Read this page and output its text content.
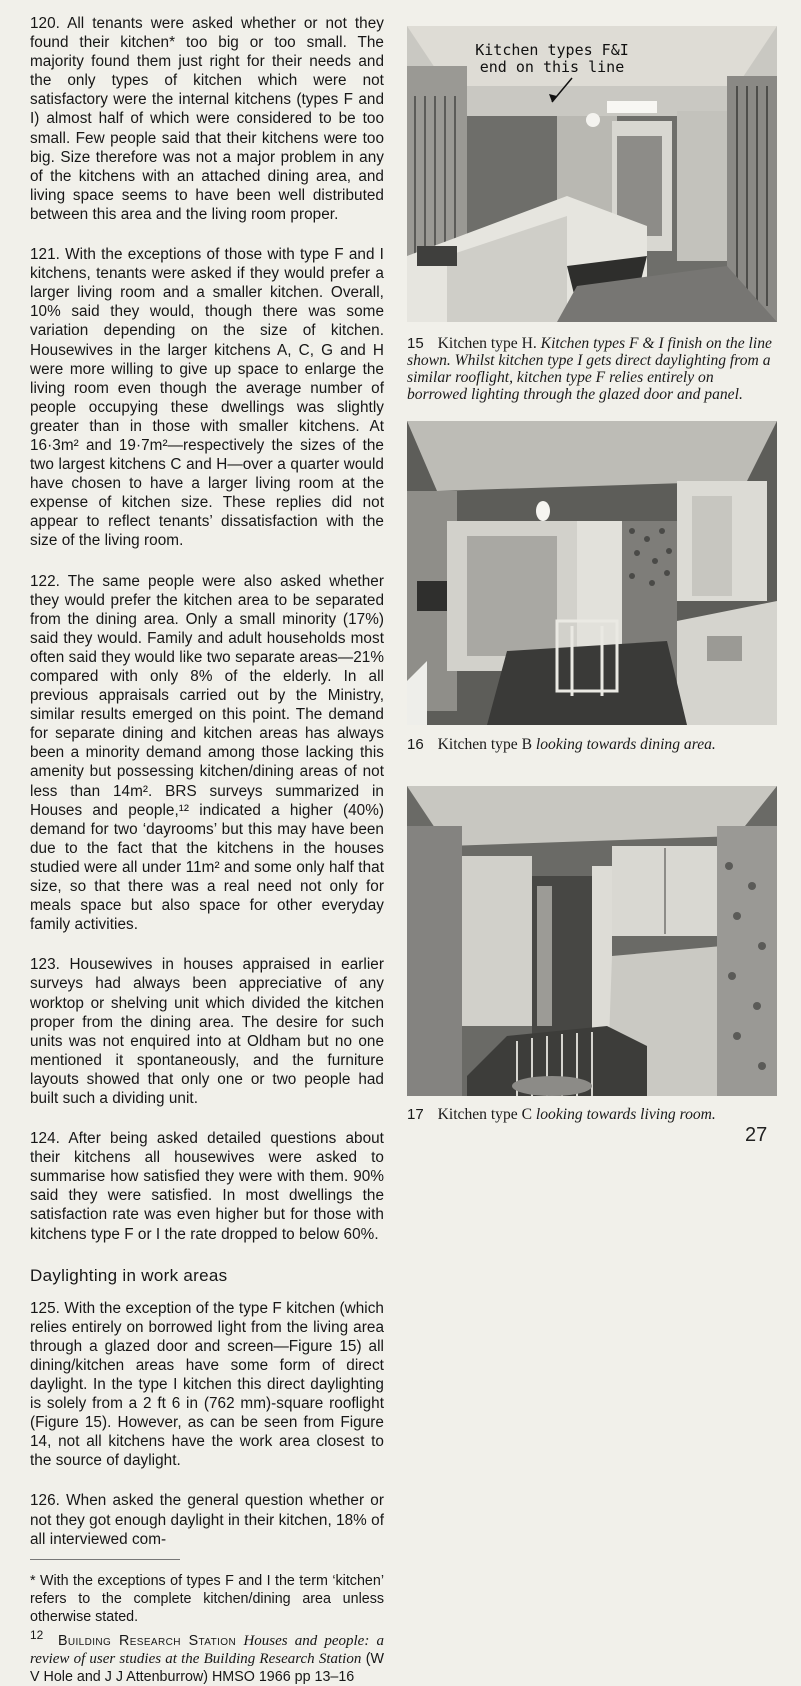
120. All tenants were asked whether or not they found their kitchen* too big or too small. The majority found them just right for their needs and the only types of kitchen which were not satisfactory were the internal kitchens (types F and I) almost half of which were considered to be too small. Few people said that their kitchens were too big. Size therefore was not a major problem in any of the kitchens with an attached dining area, and living space seems to have been well distributed between this area and the living room proper.

121. With the exceptions of those with type F and I kitchens, tenants were asked if they would prefer a larger living room and a smaller kitchen. Overall, 10% said they would, though there was some variation depending on the size of kitchen. Housewives in the larger kitchens A, C, G and H were more willing to give up space to enlarge the living room even though the average number of people occupying these dwellings was slightly greater than in those with smaller kitchens. At 16·3m² and 19·7m²—respectively the sizes of the two largest kitchens C and H—over a quarter would have chosen to have a larger living room at the expense of kitchen size. These replies did not appear to reflect tenants’ dissatisfaction with the size of the living room.

122. The same people were also asked whether they would prefer the kitchen area to be separated from the dining area. Only a small minority (17%) said they would. Family and adult households most often said they would like two separate areas—21% compared with only 8% of the elderly. In all previous appraisals carried out by the Ministry, similar results emerged on this point. The demand for separate dining and kitchen areas has always been a minority demand among those lacking this amenity but possessing kitchen/dining areas of not less than 14m². BRS surveys summarized in Houses and people,¹² indicated a higher (40%) demand for two ‘dayrooms’ but this may have been due to the fact that the kitchens in the houses studied were all under 11m² and some only half that size, so that there was a real need not only for meals space but also space for other everyday family activities.

123. Housewives in houses appraised in earlier surveys had always been appreciative of any worktop or shelving unit which divided the kitchen proper from the dining area. The desire for such units was not enquired into at Oldham but no one mentioned it spontaneously, and the furniture layouts showed that only one or two people had built such a dividing unit.

124. After being asked detailed questions about their kitchens all housewives were asked to summarise how satisfied they were with them. 90% said they were satisfied. In most dwellings the satisfaction rate was even higher but for those with kitchens type F or I the rate dropped to below 60%.

Daylighting in work areas

125. With the exception of the type F kitchen (which relies entirely on borrowed light from the living area through a glazed door and screen—Figure 15) all dining/kitchen areas have some form of direct daylight. In the type I kitchen this direct daylighting is solely from a 2 ft 6 in (762 mm)-square rooflight (Figure 15). However, as can be seen from Figure 14, not all kitchens have the work area closest to the source of daylight.

126. When asked the general question whether or not they got enough daylight in their kitchen, 18% of all interviewed com-

* With the exceptions of types F and I the term ‘kitchen’ refers to the complete kitchen/dining area unless otherwise stated.

$^{12}$ Building Research Station Houses and people: a review of user studies at the Building Research Station (W V Hole and J J Attenburrow) HMSO 1966 pp 13–16

Kitchen types F&I end on this line
15 Kitchen type H. Kitchen types F & I finish on the line shown. Whilst kitchen type I gets direct daylighting from a similar rooflight, kitchen type F relies entirely on borrowed lighting through the glazed door and panel.
16 Kitchen type B looking towards dining area.
17 Kitchen type C looking towards living room.
27
